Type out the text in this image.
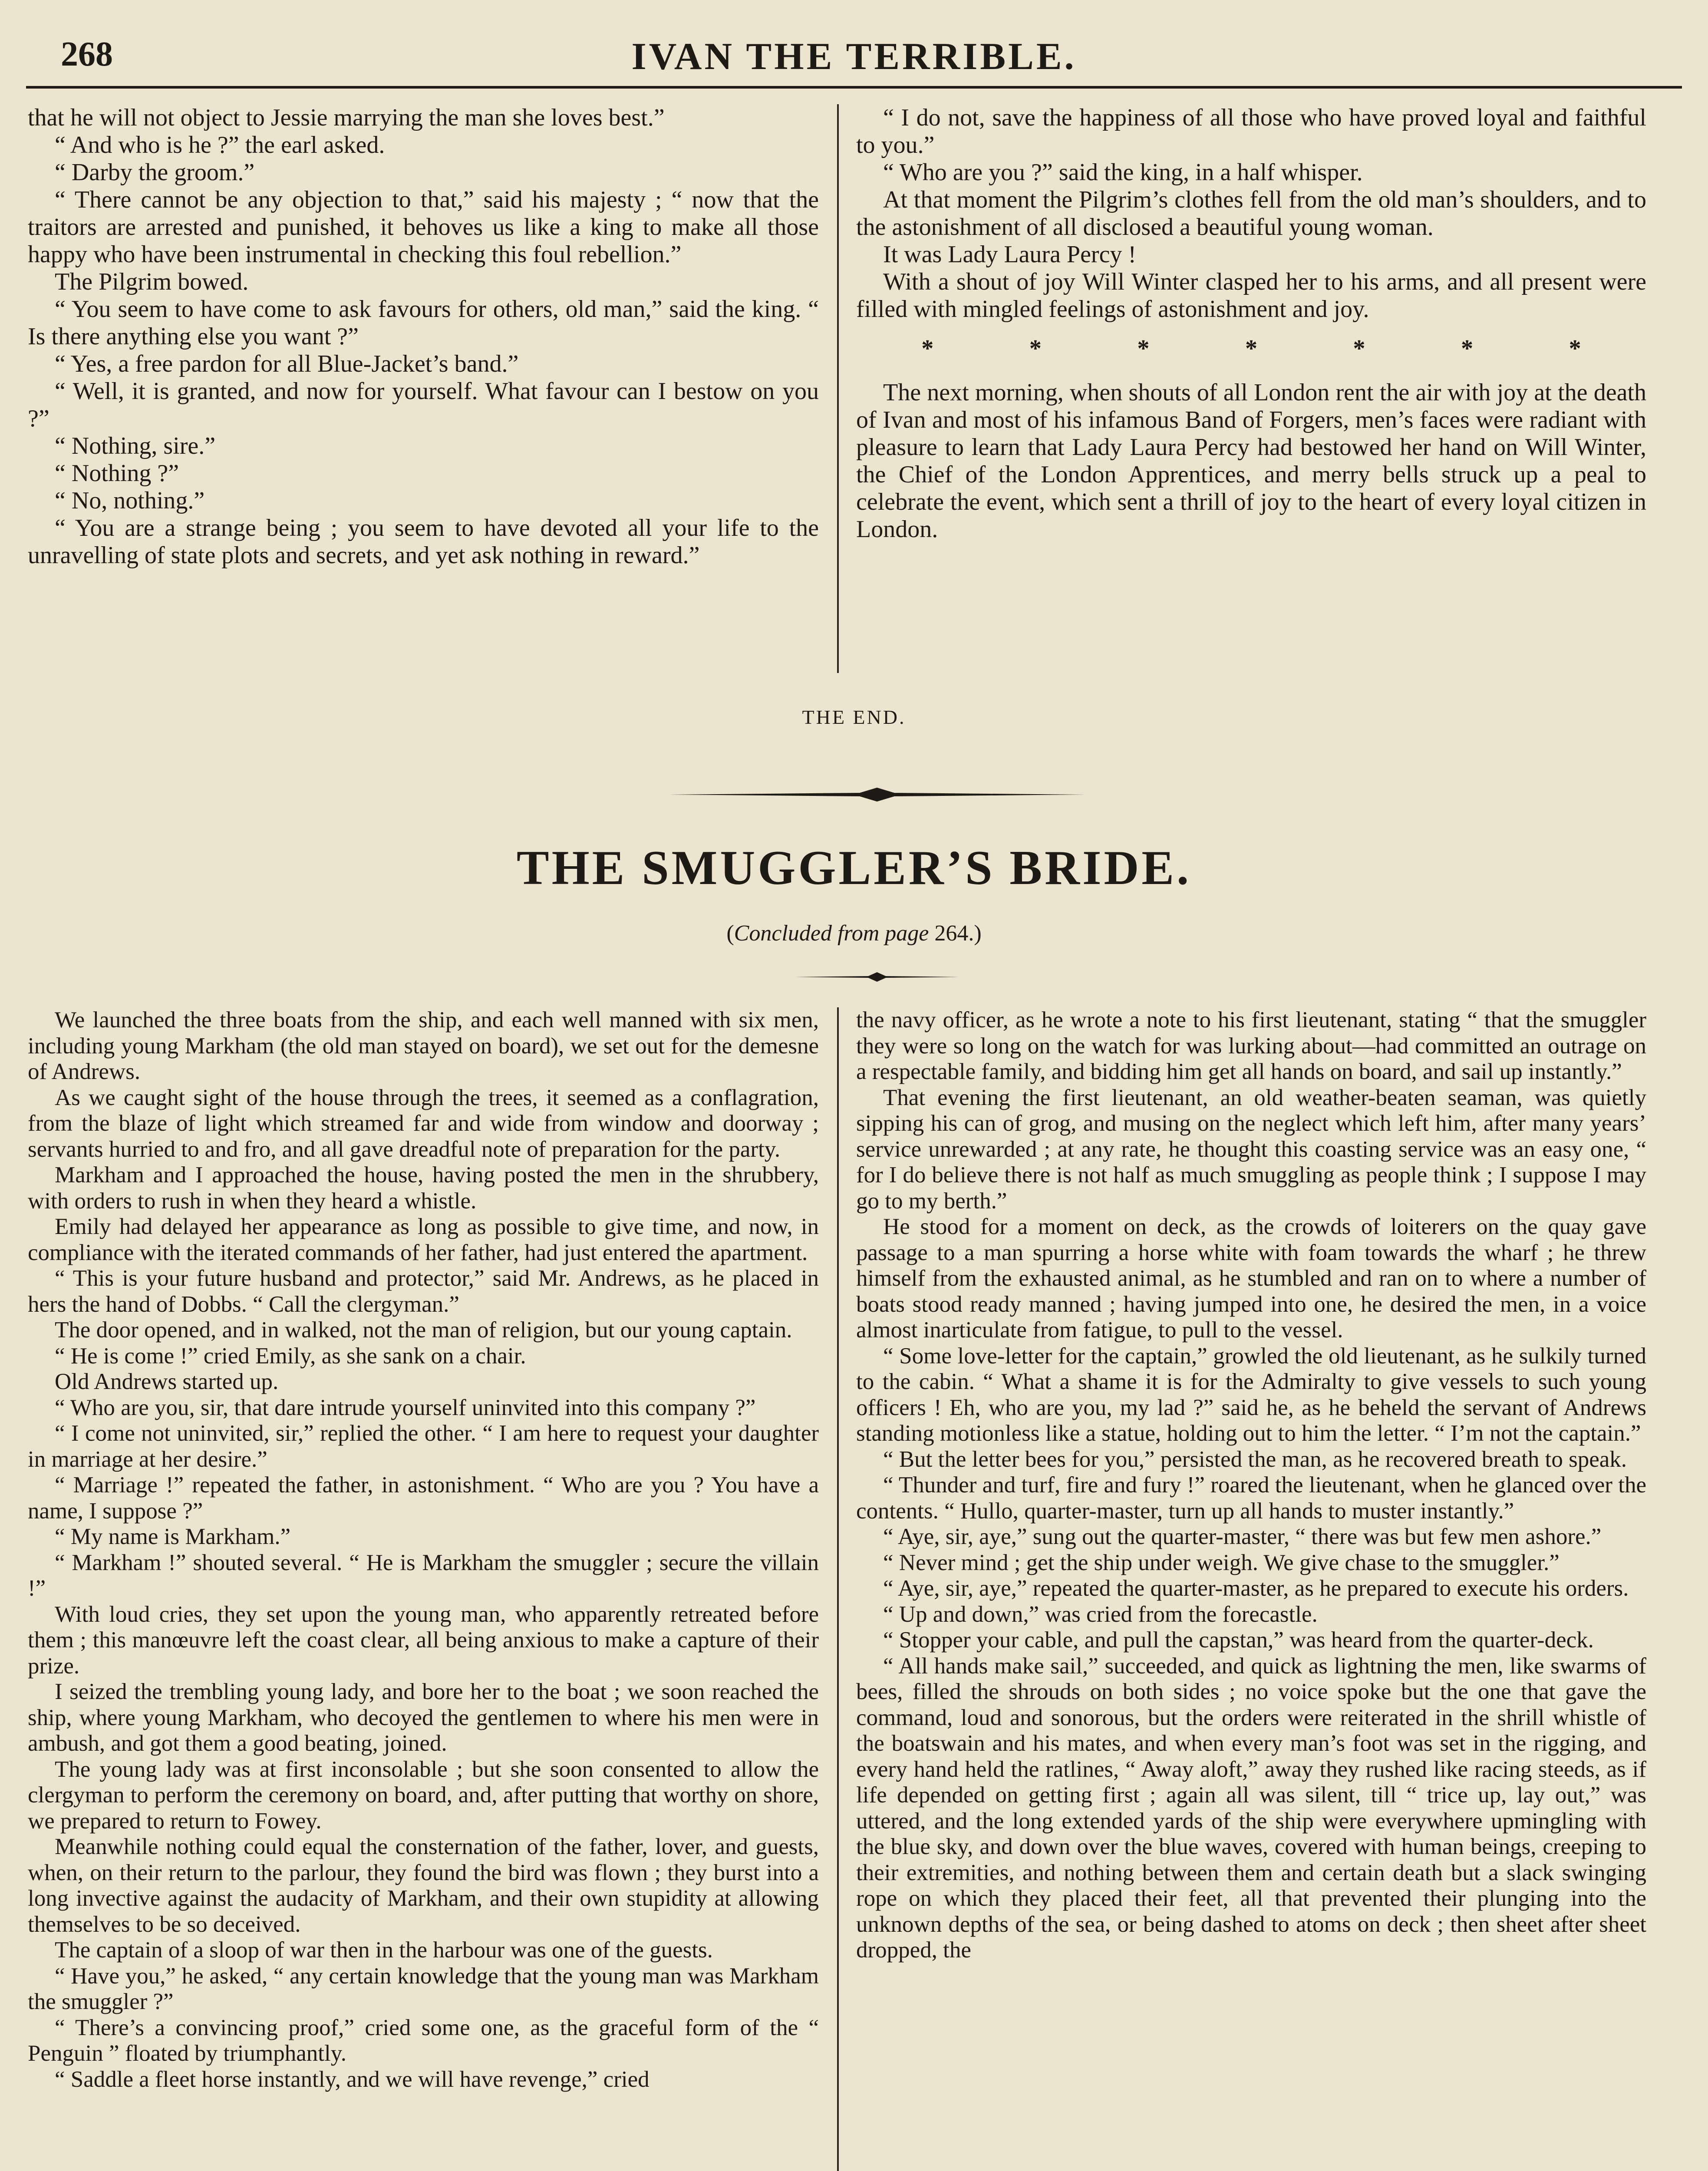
268	IVAN THE TERRIBLE.

that he will not object to Jessie marrying the man she loves best.”

“ And who is he ?” the earl asked.

“ Darby the groom.”

“ There cannot be any objection to that,” said his majesty ; “ now that the traitors are arrested and punished, it behoves us like a king to make all those happy who have been instrumental in checking this foul rebellion.”

The Pilgrim bowed.

“ You seem to have come to ask favours for others, old man,” said the king. “ Is there anything else you want ?”

“ Yes, a free pardon for all Blue-Jacket’s band.”

“ Well, it is granted, and now for yourself. What favour can I bestow on you ?”

“ Nothing, sire.”

“ Nothing ?”

“ No, nothing.”

“ You are a strange being ; you seem to have devoted all your life to the unravelling of state plots and secrets, and yet ask nothing in reward.”

“ I do not, save the happiness of all those who have proved loyal and faithful to you.”

“ Who are you ?” said the king, in a half whisper.

At that moment the Pilgrim’s clothes fell from the old man’s shoulders, and to the astonishment of all disclosed a beautiful young woman.

It was Lady Laura Percy !

With a shout of joy Will Winter clasped her to his arms, and all present were filled with mingled feelings of astonishment and joy.

*	*	*	*	*	*	*

The next morning, when shouts of all London rent the air with joy at the death of Ivan and most of his infamous Band of Forgers, men’s faces were radiant with pleasure to learn that Lady Laura Percy had bestowed her hand on Will Winter, the Chief of the London Apprentices, and merry bells struck up a peal to celebrate the event, which sent a thrill of joy to the heart of every loyal citizen in London.

THE END.
THE SMUGGLER’S BRIDE.
(Concluded from page 264.)

We launched the three boats from the ship, and each well manned with six men, including young Markham (the old man stayed on board), we set out for the demesne of Andrews.

As we caught sight of the house through the trees, it seemed as a conflagration, from the blaze of light which streamed far and wide from window and doorway ; servants hurried to and fro, and all gave dreadful note of preparation for the party.

Markham and I approached the house, having posted the men in the shrubbery, with orders to rush in when they heard a whistle.

Emily had delayed her appearance as long as possible to give time, and now, in compliance with the iterated commands of her father, had just entered the apartment.

“ This is your future husband and protector,” said Mr. Andrews, as he placed in hers the hand of Dobbs. “ Call the clergyman.”

The door opened, and in walked, not the man of religion, but our young captain.

“ He is come !” cried Emily, as she sank on a chair.

Old Andrews started up.

“ Who are you, sir, that dare intrude yourself uninvited into this company ?”

“ I come not uninvited, sir,” replied the other. “ I am here to request your daughter in marriage at her desire.”

“ Marriage !” repeated the father, in astonishment. “ Who are you ? You have a name, I suppose ?”

“ My name is Markham.”

“ Markham !” shouted several. “ He is Markham the smuggler ; secure the villain !”

With loud cries, they set upon the young man, who apparently retreated before them ; this manœuvre left the coast clear, all being anxious to make a capture of their prize.

I seized the trembling young lady, and bore her to the boat ; we soon reached the ship, where young Markham, who decoyed the gentlemen to where his men were in ambush, and got them a good beating, joined.

The young lady was at first inconsolable ; but she soon consented to allow the clergyman to perform the ceremony on board, and, after putting that worthy on shore, we prepared to return to Fowey.

Meanwhile nothing could equal the consternation of the father, lover, and guests, when, on their return to the parlour, they found the bird was flown ; they burst into a long invective against the audacity of Markham, and their own stupidity at allowing themselves to be so deceived.

The captain of a sloop of war then in the harbour was one of the guests.

“ Have you,” he asked, “ any certain knowledge that the young man was Markham the smuggler ?”

“ There’s a convincing proof,” cried some one, as the graceful form of the “ Penguin ” floated by triumphantly.

“ Saddle a fleet horse instantly, and we will have revenge,” cried

the navy officer, as he wrote a note to his first lieutenant, stating “ that the smuggler they were so long on the watch for was lurking about—had committed an outrage on a respectable family, and bidding him get all hands on board, and sail up instantly.”

That evening the first lieutenant, an old weather-beaten seaman, was quietly sipping his can of grog, and musing on the neglect which left him, after many years’ service unrewarded ; at any rate, he thought this coasting service was an easy one, “ for I do believe there is not half as much smuggling as people think ; I suppose I may go to my berth.”

He stood for a moment on deck, as the crowds of loiterers on the quay gave passage to a man spurring a horse white with foam towards the wharf ; he threw himself from the exhausted animal, as he stumbled and ran on to where a number of boats stood ready manned ; having jumped into one, he desired the men, in a voice almost inarticulate from fatigue, to pull to the vessel.

“ Some love-letter for the captain,” growled the old lieutenant, as he sulkily turned to the cabin. “ What a shame it is for the Admiralty to give vessels to such young officers ! Eh, who are you, my lad ?” said he, as he beheld the servant of Andrews standing motionless like a statue, holding out to him the letter. “ I’m not the captain.”

“ But the letter bees for you,” persisted the man, as he recovered breath to speak.

“ Thunder and turf, fire and fury !” roared the lieutenant, when he glanced over the contents. “ Hullo, quarter-master, turn up all hands to muster instantly.”

“ Aye, sir, aye,” sung out the quarter-master, “ there was but few men ashore.”

“ Never mind ; get the ship under weigh. We give chase to the smuggler.”

“ Aye, sir, aye,” repeated the quarter-master, as he prepared to execute his orders.

“ Up and down,” was cried from the forecastle.

“ Stopper your cable, and pull the capstan,” was heard from the quarter-deck.

“ All hands make sail,” succeeded, and quick as lightning the men, like swarms of bees, filled the shrouds on both sides ; no voice spoke but the one that gave the command, loud and sonorous, but the orders were reiterated in the shrill whistle of the boatswain and his mates, and when every man’s foot was set in the rigging, and every hand held the ratlines, “ Away aloft,” away they rushed like racing steeds, as if life depended on getting first ; again all was silent, till “ trice up, lay out,” was uttered, and the long extended yards of the ship were everywhere upmingling with the blue sky, and down over the blue waves, covered with human beings, creeping to their extremities, and nothing between them and certain death but a slack swinging rope on which they placed their feet, all that prevented their plunging into the unknown depths of the sea, or being dashed to atoms on deck ; then sheet after sheet dropped, the
